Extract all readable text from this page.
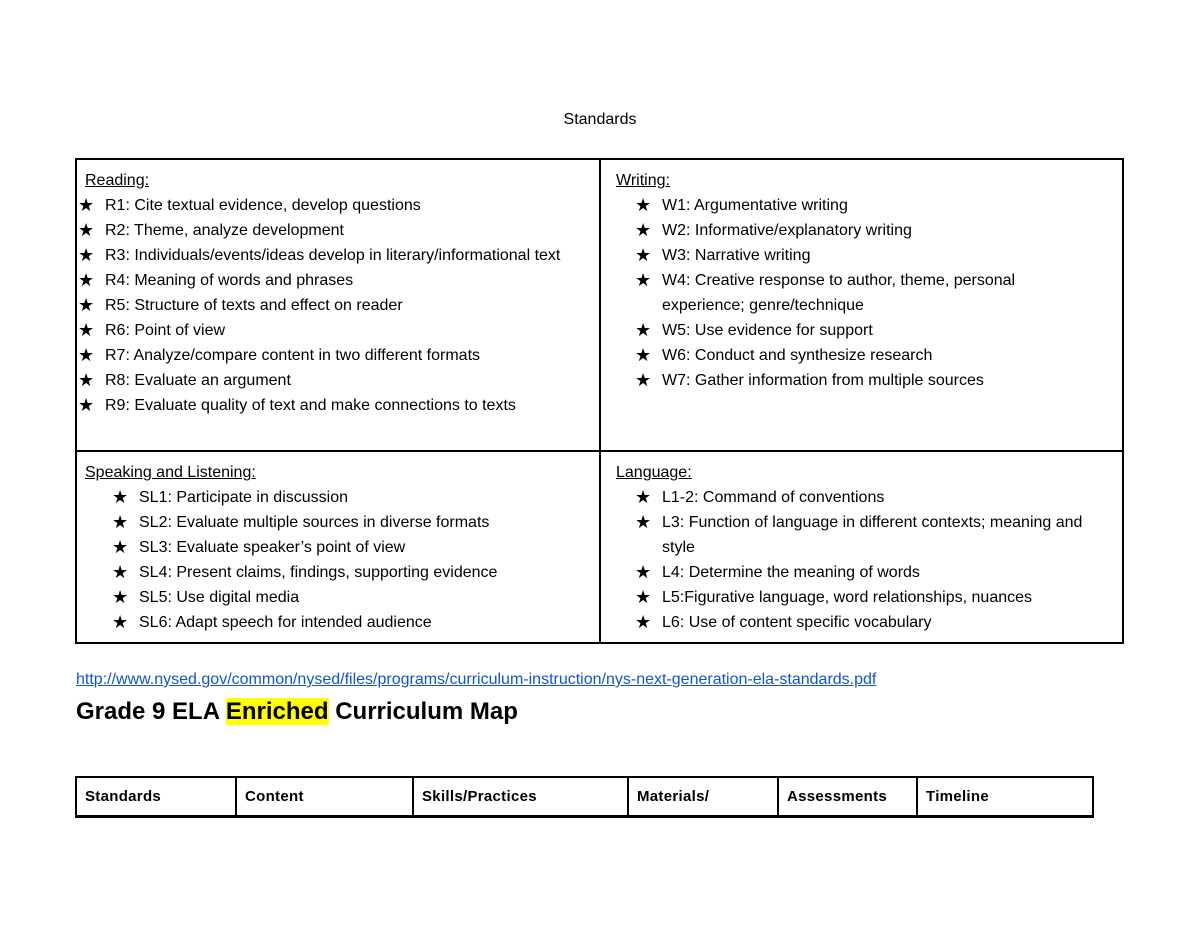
Standards
Reading:
★ R1: Cite textual evidence, develop questions
★ R2: Theme, analyze development
★ R3: Individuals/events/ideas develop in literary/informational text
★ R4: Meaning of words and phrases
★ R5: Structure of texts and effect on reader
★ R6: Point of view
★ R7: Analyze/compare content in two different formats
★ R8: Evaluate an argument
★ R9: Evaluate quality of text and make connections to texts
Writing:
★ W1: Argumentative writing
★ W2: Informative/explanatory writing
★ W3: Narrative writing
★ W4: Creative response to author, theme, personal experience; genre/technique
★ W5: Use evidence for support
★ W6: Conduct and synthesize research
★ W7: Gather information from multiple sources
Speaking and Listening:
★ SL1: Participate in discussion
★ SL2: Evaluate multiple sources in diverse formats
★ SL3: Evaluate speaker’s point of view
★ SL4: Present claims, findings, supporting evidence
★ SL5: Use digital media
★ SL6: Adapt speech for intended audience
Language:
★ L1-2: Command of conventions
★ L3: Function of language in different contexts; meaning and style
★ L4: Determine the meaning of words
★ L5:Figurative language, word relationships, nuances
★ L6: Use of content specific vocabulary
http://www.nysed.gov/common/nysed/files/programs/curriculum-instruction/nys-next-generation-ela-standards.pdf
Grade 9 ELA Enriched Curriculum Map
Standards	Content	Skills/Practices	Materials/	Assessments	Timeline
